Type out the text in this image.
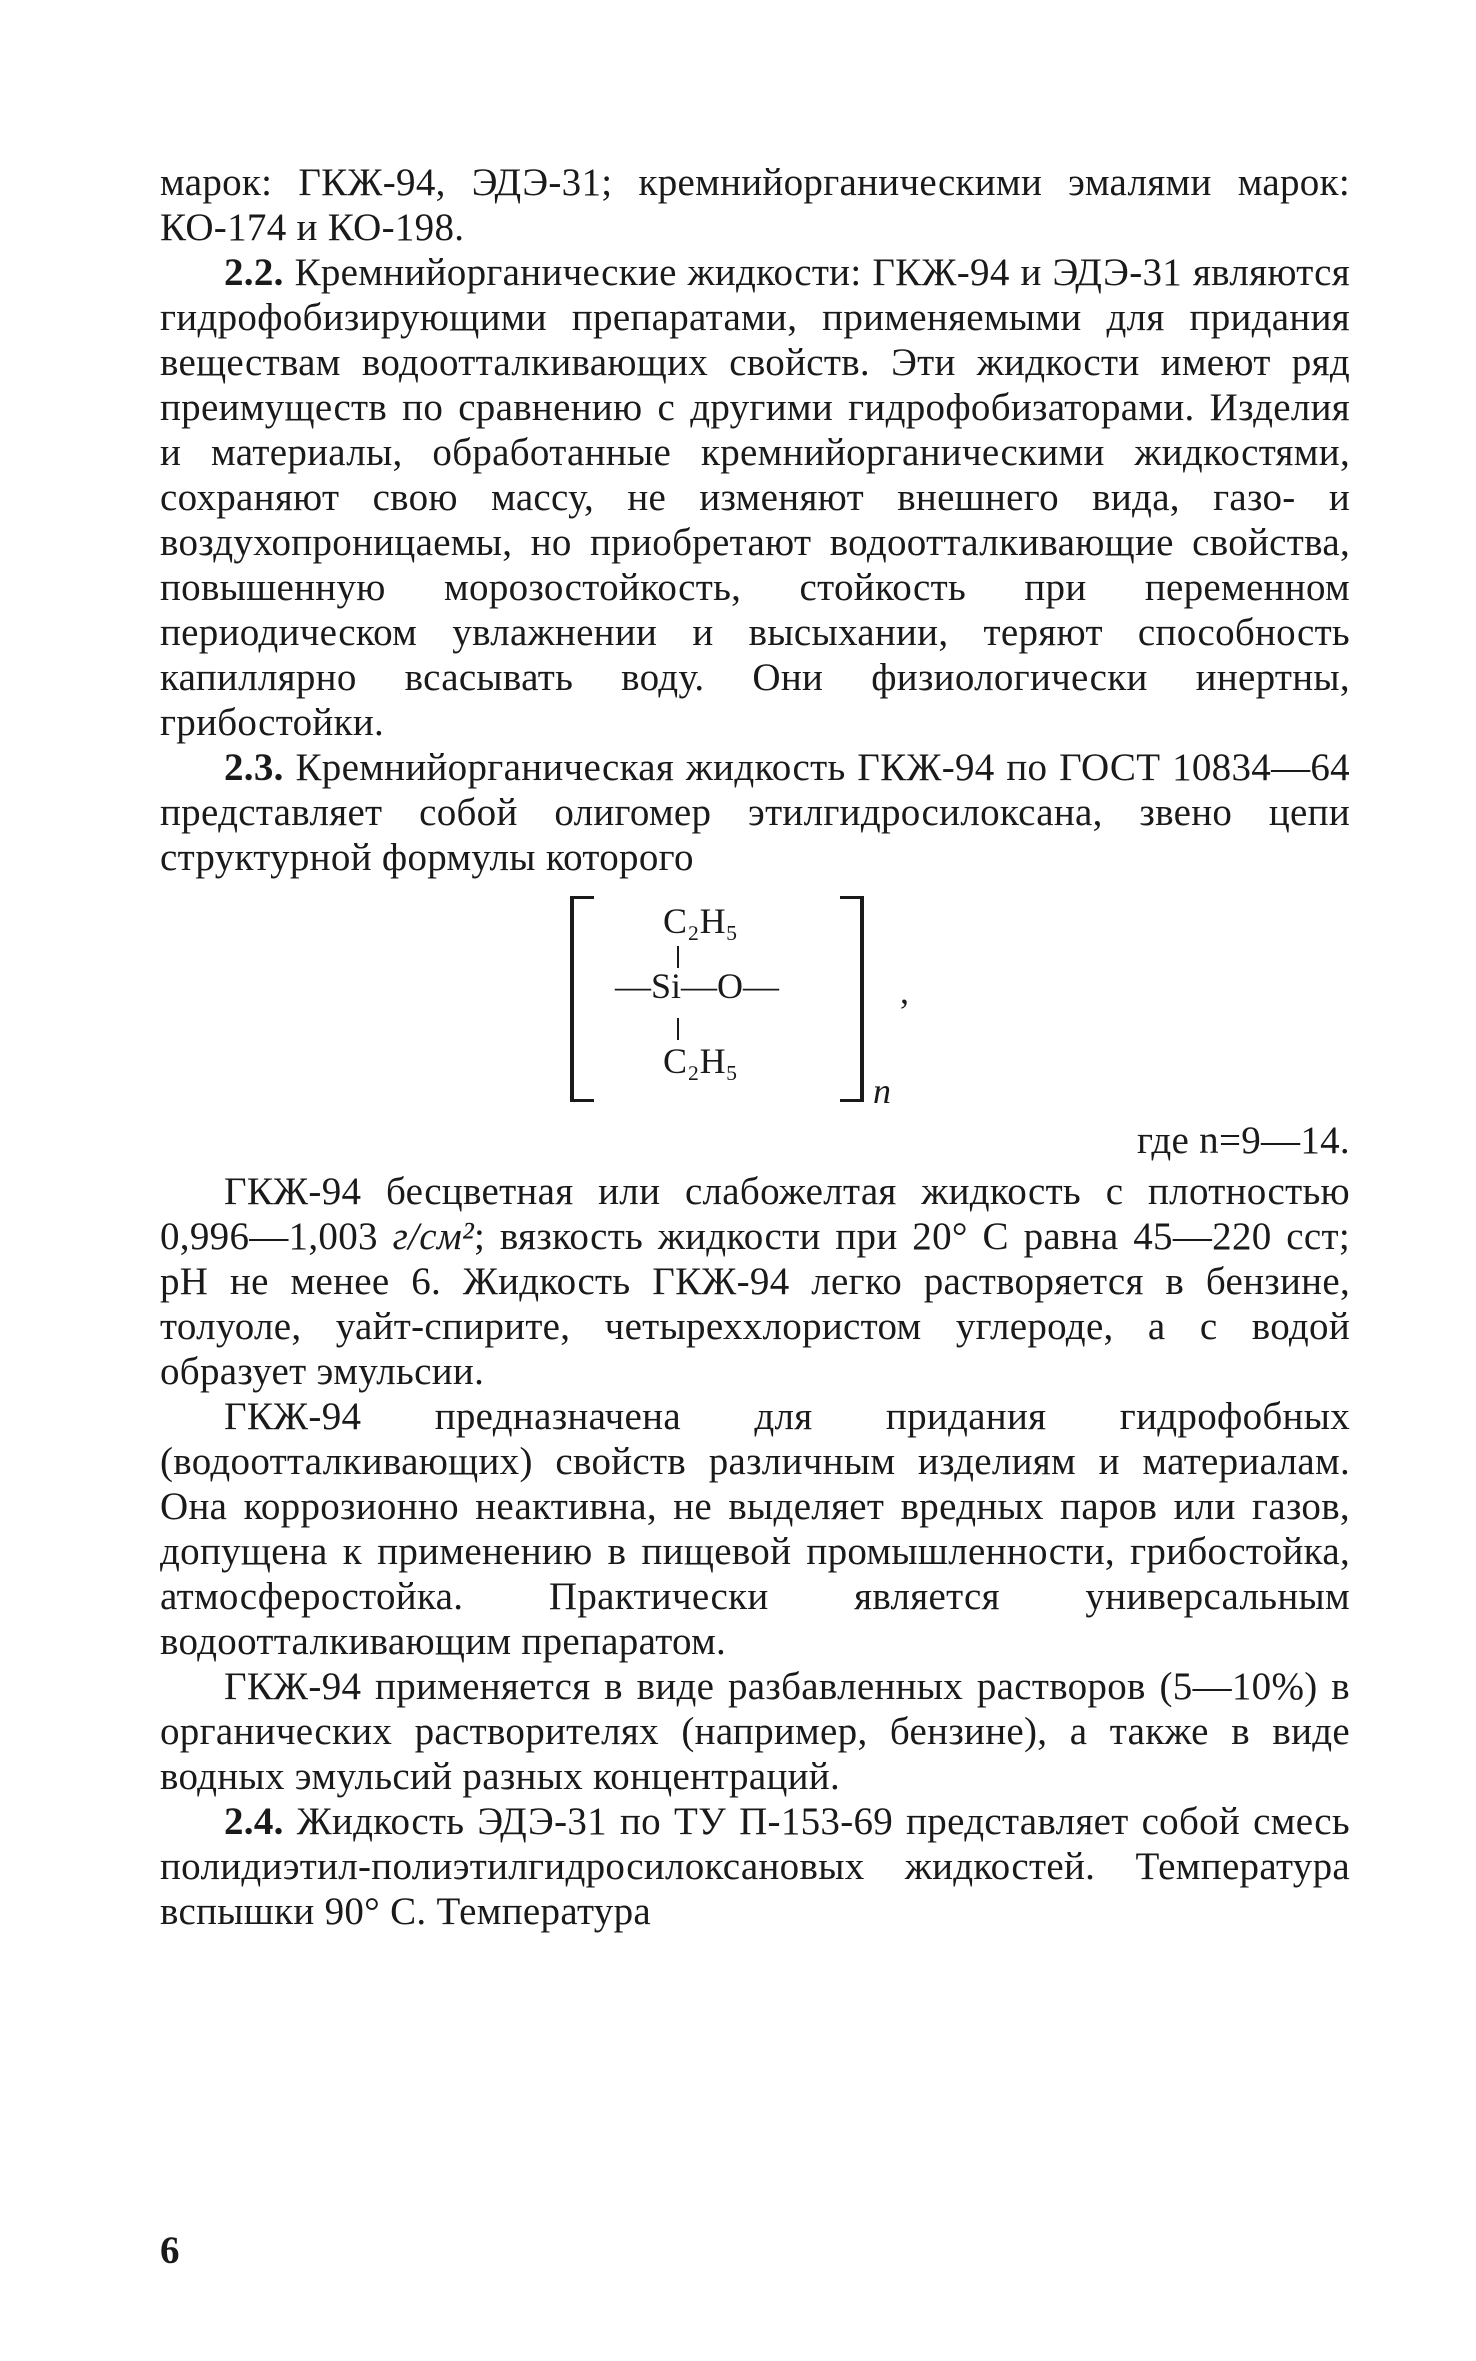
марок: ГКЖ-94, ЭДЭ-31; кремнийорганическими эмалями марок: КО-174 и КО-198.

2.2. Кремнийорганические жидкости: ГКЖ-94 и ЭДЭ-31 являются гидрофобизирующими препаратами, применяемыми для придания веществам водоотталкивающих свойств. Эти жидкости имеют ряд преимуществ по сравнению с другими гидрофобизаторами. Изделия и материалы, обработанные кремнийорганическими жидкостями, сохраняют свою массу, не изменяют внешнего вида, газо- и воздухопроницаемы, но приобретают водоотталкивающие свойства, повышенную морозостойкость, стойкость при переменном периодическом увлажнении и высыхании, теряют способность капиллярно всасывать воду. Они физиологически инертны, грибостойки.

2.3. Кремнийорганическая жидкость ГКЖ-94 по ГОСТ 10834—64 представляет собой олигомер этилгидросилоксана, звено цепи структурной формулы которого

C₂H₅
—Si—O—
C₂H₅
,
n

где n=9—14.

ГКЖ-94 бесцветная или слабожелтая жидкость с плотностью 0,996—1,003 г/см²; вязкость жидкости при 20° С равна 45—220 сст; pH не менее 6. Жидкость ГКЖ-94 легко растворяется в бензине, толуоле, уайт-спирите, четыреххлористом углероде, а с водой образует эмульсии.

ГКЖ-94 предназначена для придания гидрофобных (водоотталкивающих) свойств различным изделиям и материалам. Она коррозионно неактивна, не выделяет вредных паров или газов, допущена к применению в пищевой промышленности, грибостойка, атмосферостойка. Практически является универсальным водоотталкивающим препаратом.

ГКЖ-94 применяется в виде разбавленных растворов (5—10%) в органических растворителях (например, бензине), а также в виде водных эмульсий разных концентраций.

2.4. Жидкость ЭДЭ-31 по ТУ П-153-69 представляет собой смесь полидиэтил-полиэтилгидросилоксановых жидкостей. Температура вспышки 90° С. Температура

6
